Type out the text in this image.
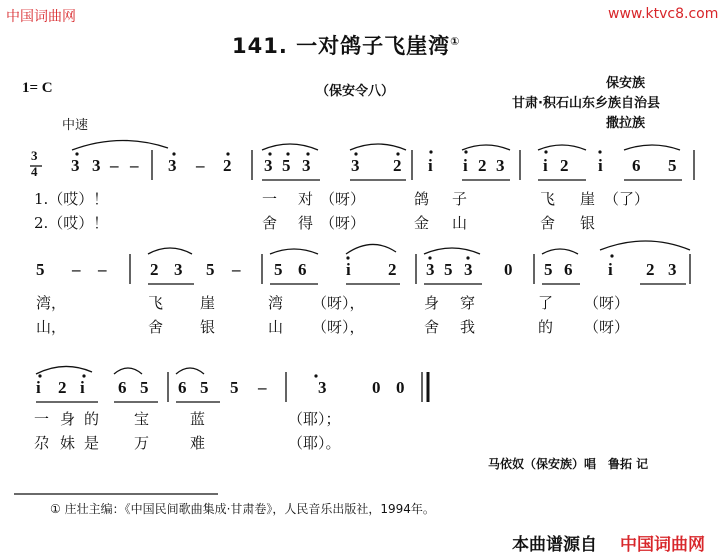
中国词曲网	www.ktvc8.com
141. 一对鸽子飞崖湾①
1= C	（保安令八）
保安族
甘肃·积石山东乡族自治县
撒拉族
中速
3
4 3 3 – – 3 – 2 3 5 3 3 2 i i 2 3 i 2 i 6 5
1.（哎）！	一 对 （呀）	鸽 子	飞 崖 （了）
2.（哎）！	舍 得 （呀）	金 山	舍 银
5 – –	2 3 5 – 5 6 i 2 3 5 3 0 5 6 i 2 3
湾，	飞 崖	湾 （呀），	身 穿	了 （呀）
山，	舍 银	山 （呀），	舍 我	的 （呀）
i 2 i 6 5 6 5 5 –	3	0 0
一 身 的 宝	蓝	（耶）；
尕 妹 是 万	难	（耶）。
马依奴（保安族）唱　鲁拓 记
① 庄壮主编：《中国民间歌曲集成·甘肃卷》，人民音乐出版社，1994年。
本曲谱源自 中国词曲网
